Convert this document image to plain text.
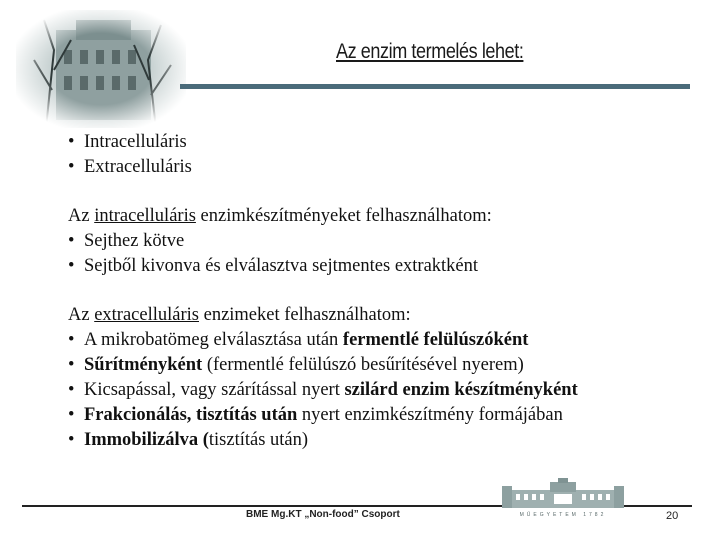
Az enzim termelés lehet:
• Intracelluláris
• Extracelluláris
Az intracelluláris enzimkészítményeket felhasználhatom:
• Sejthez kötve
• Sejtből kivonva és elválasztva sejtmentes extraktként
Az extracelluláris enzimeket felhasználhatom:
• A mikrobatömeg elválasztása után fermentlé felülúszóként
• Sűrítményként (fermentlé felülúszó besűrítésével nyerem)
• Kicsapással, vagy szárítással nyert szilárd enzim készítményként
• Frakcionálás, tisztítás után nyert enzimkészítmény formájában
• Immobilizálva (tisztítás után)
BME Mg.KT „Non-food” Csoport	MŰEGYETEM 1782	20
